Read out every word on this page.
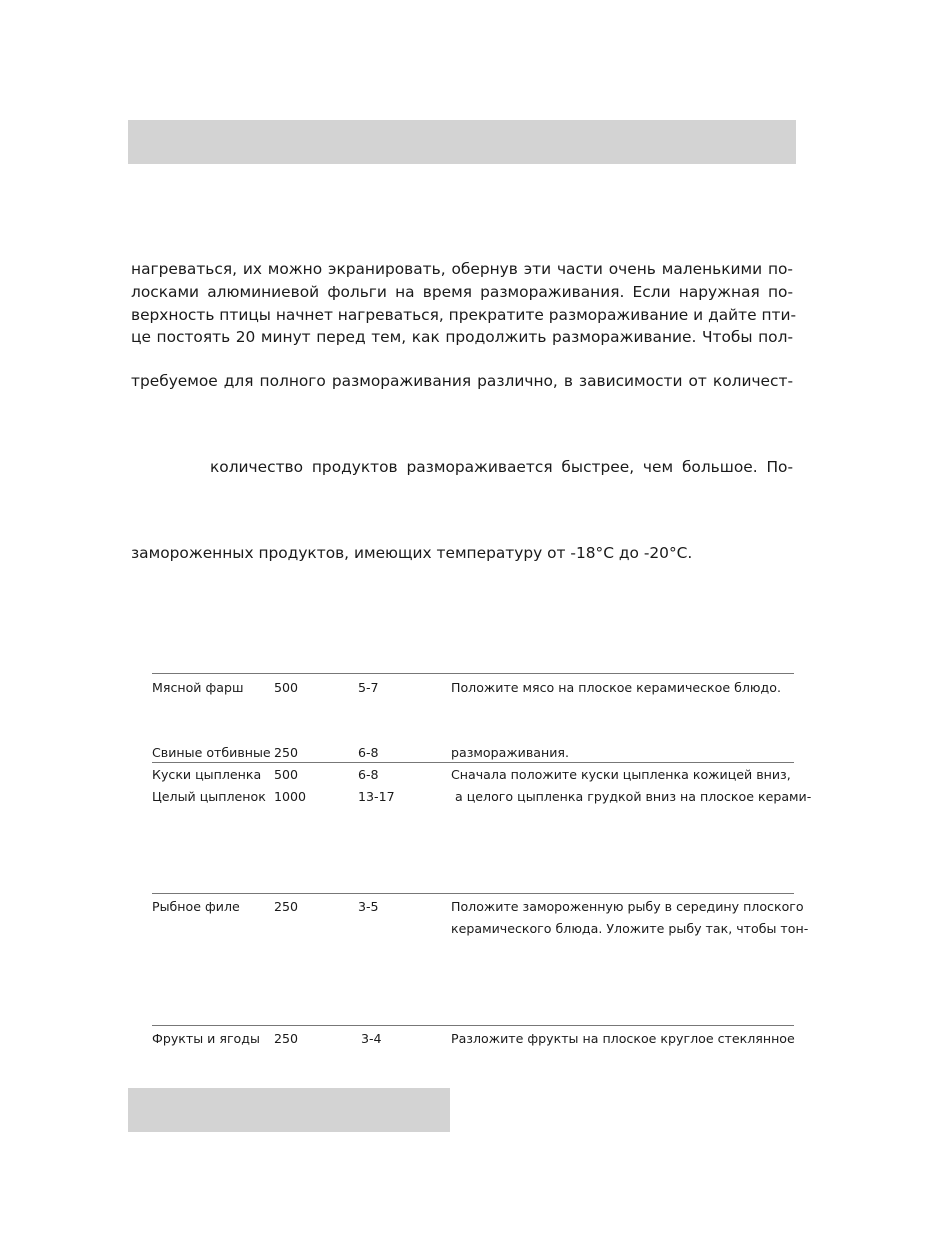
нагреваться, их можно экранировать, обернув эти части очень маленькими по-
лосками алюминиевой фольги на время размораживания. Если наружная по-
верхность птицы начнет нагреваться, прекратите размораживание и дайте пти-
це постоять 20 минут перед тем, как продолжить размораживание. Чтобы пол-
требуемое для полного размораживания различно, в зависимости от количест-
количество продуктов размораживается быстрее, чем большое. По-
замороженных продуктов, имеющих температуру от -18°С до -20°С.
Мясной фарш 500	5-7	Положите мясо на плоское керамическое блюдо.
Свиные отбивные 250	6-8	размораживания.
Куски цыпленка 500	6-8	Сначала положите куски цыпленка кожицей вниз,
Целый цыпленок 1000	13-17	а целого цыпленка грудкой вниз на плоское керами-
Рыбное филе	250	3-5	Положите замороженную рыбу в середину плоского
керамического блюда. Уложите рыбу так, чтобы тон-
Фрукты и ягоды 250	3-4	Разложите фрукты на плоское круглое стеклянное
